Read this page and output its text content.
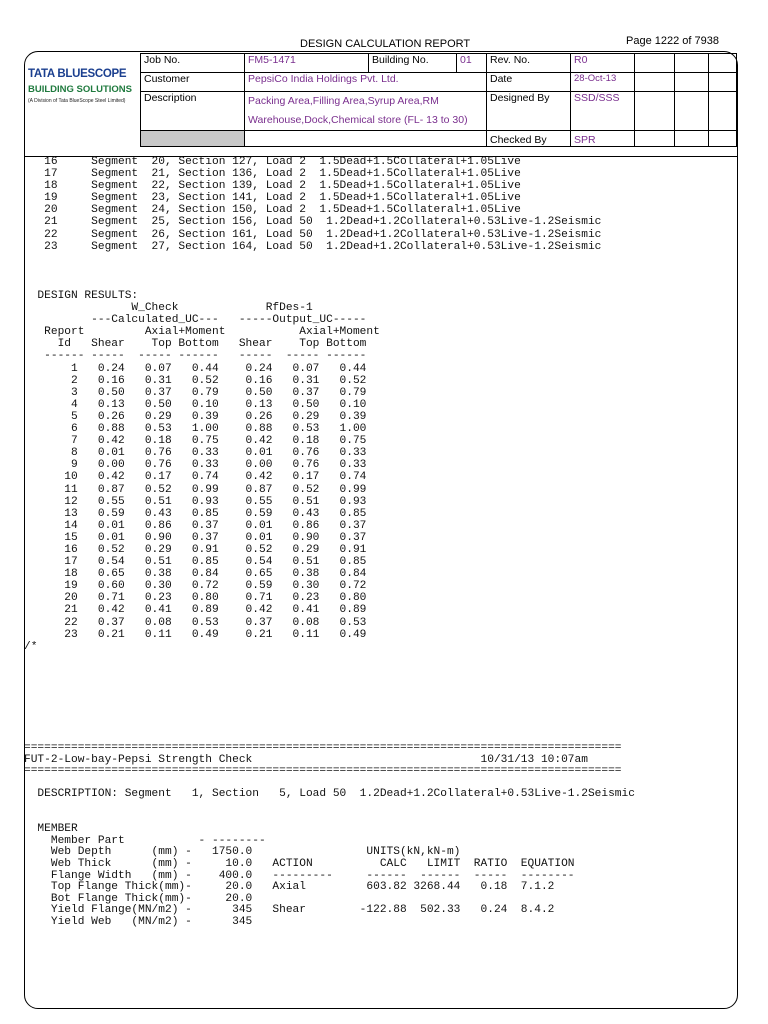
DESIGN CALCULATION REPORT	Page 1222 of 7938
TATA BLUESCOPE
BUILDING SOLUTIONS
(A Division of Tata BlueScope Steel Limited)
Job No.	FM5-1471	Building No.	01	Rev. No.	R0			
Customer	PepsiCo India Holdings Pvt. Ltd.			Date	28-Oct-13			
Description	Packing Area,Filling Area,Syrup Area,RM
Warehouse,Dock,Chemical store (FL- 13 to 30)			Designed By	SSD/SSS			
				Checked By	SPR			
16     Segment  20, Section 127, Load 2  1.5Dead+1.5Collateral+1.05Live
17     Segment  21, Section 136, Load 2  1.5Dead+1.5Collateral+1.05Live
18     Segment  22, Section 139, Load 2  1.5Dead+1.5Collateral+1.05Live
19     Segment  23, Section 141, Load 2  1.5Dead+1.5Collateral+1.05Live
20     Segment  24, Section 150, Load 2  1.5Dead+1.5Collateral+1.05Live
21     Segment  25, Section 156, Load 50  1.2Dead+1.2Collateral+0.53Live-1.2Seismic
22     Segment  26, Section 161, Load 50  1.2Dead+1.2Collateral+0.53Live-1.2Seismic
23     Segment  27, Section 164, Load 50  1.2Dead+1.2Collateral+0.53Live-1.2Seismic
DESIGN RESULTS:
W_Check             RfDes-1
---Calculated_UC---   -----Output_UC-----
Report         Axial+Moment           Axial+Moment
Id   Shear    Top Bottom   Shear    Top Bottom
------ -----  ----- ------   -----  ----- ------
1   0.24   0.07   0.44    0.24   0.07   0.44
2   0.16   0.31   0.52    0.16   0.31   0.52
3   0.50   0.37   0.79    0.50   0.37   0.79
4   0.13   0.50   0.10    0.13   0.50   0.10
5   0.26   0.29   0.39    0.26   0.29   0.39
6   0.88   0.53   1.00    0.88   0.53   1.00
7   0.42   0.18   0.75    0.42   0.18   0.75
8   0.01   0.76   0.33    0.01   0.76   0.33
9   0.00   0.76   0.33    0.00   0.76   0.33
10   0.42   0.17   0.74    0.42   0.17   0.74
11   0.87   0.52   0.99    0.87   0.52   0.99
12   0.55   0.51   0.93    0.55   0.51   0.93
13   0.59   0.43   0.85    0.59   0.43   0.85
14   0.01   0.86   0.37    0.01   0.86   0.37
15   0.01   0.90   0.37    0.01   0.90   0.37
16   0.52   0.29   0.91    0.52   0.29   0.91
17   0.54   0.51   0.85    0.54   0.51   0.85
18   0.65   0.38   0.84    0.65   0.38   0.84
19   0.60   0.30   0.72    0.59   0.30   0.72
20   0.71   0.23   0.80    0.71   0.23   0.80
21   0.42   0.41   0.89    0.42   0.41   0.89
22   0.37   0.08   0.53    0.37   0.08   0.53
23   0.21   0.11   0.49    0.21   0.11   0.49
/*
=========================================================================================
FUT-2-Low-bay-Pepsi Strength Check                                  10/31/13 10:07am
=========================================================================================

DESCRIPTION: Segment   1, Section   5, Load 50  1.2Dead+1.2Collateral+0.53Live-1.2Seismic

MEMBER
Member Part           - --------
Web Depth      (mm) -   1750.0                 UNITS(kN,kN-m)
Web Thick      (mm) -     10.0   ACTION          CALC   LIMIT  RATIO  EQUATION
Flange Width   (mm) -    400.0   ---------     ------  ------  -----  --------
Top Flange Thick(mm)-     20.0   Axial         603.82 3268.44   0.18  7.1.2
Bot Flange Thick(mm)-     20.0
Yield Flange(MN/m2) -      345   Shear        -122.88  502.33   0.24  8.4.2
Yield Web   (MN/m2) -      345
